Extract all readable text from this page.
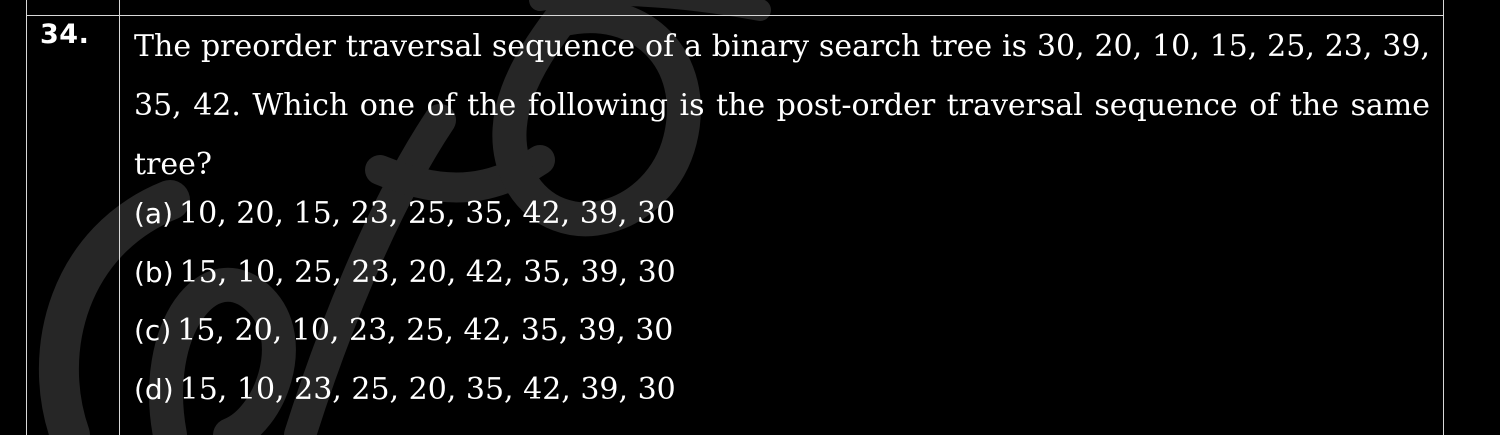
34. The preorder traversal sequence of a binary search tree is 30, 20, 10, 15, 25, 23, 39, 35, 42. Which one of the following is the post-order traversal sequence of the same tree?

(a) 10, 20, 15, 23, 25, 35, 42, 39, 30
(b) 15, 10, 25, 23, 20, 42, 35, 39, 30
(c) 15, 20, 10, 23, 25, 42, 35, 39, 30
(d) 15, 10, 23, 25, 20, 35, 42, 39, 30
